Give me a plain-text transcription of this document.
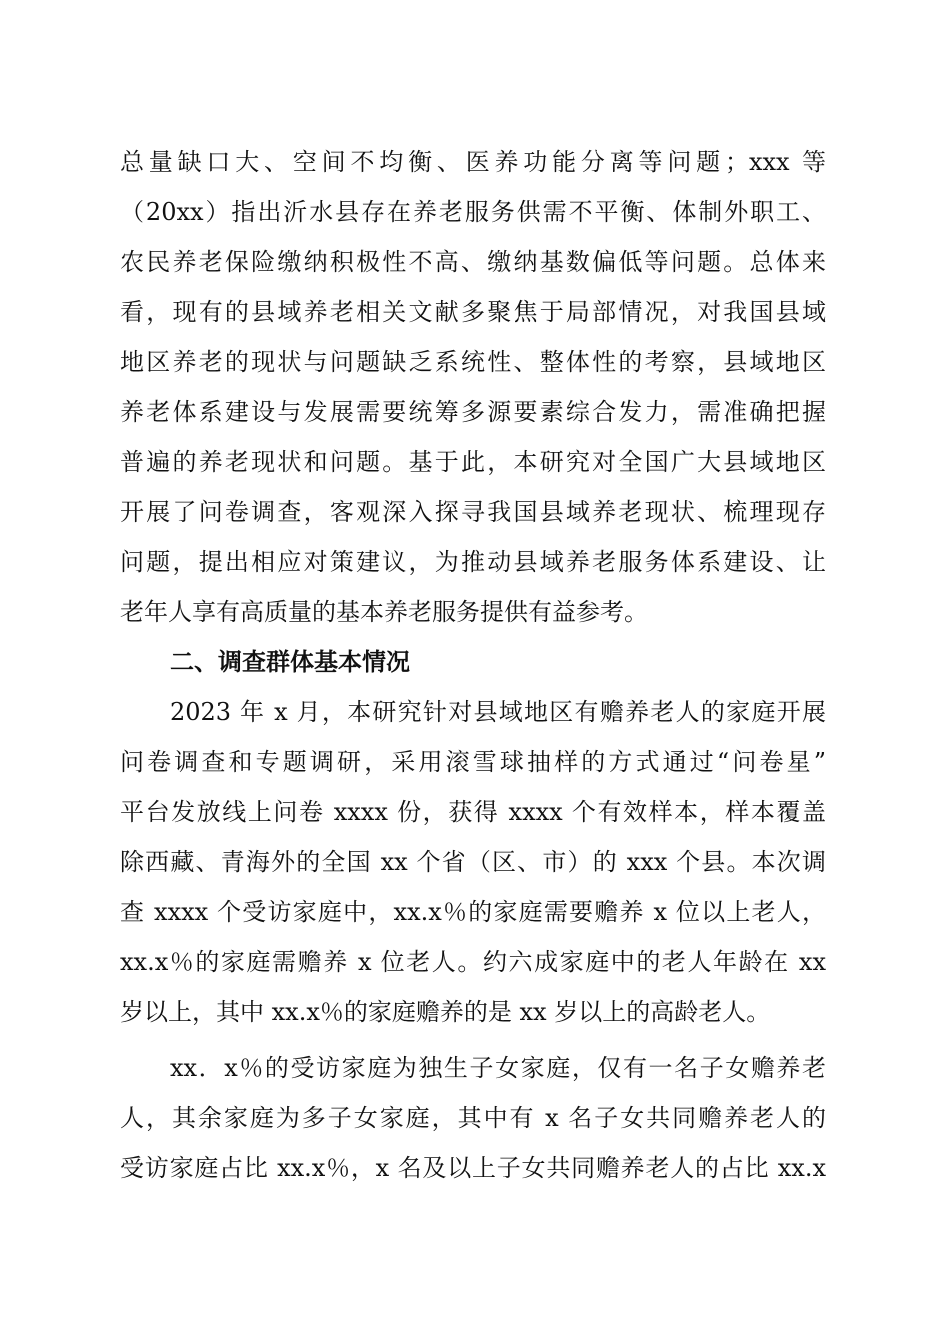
总量缺口大、空间不均衡、医养功能分离等问题；xxx 等
（20xx）指出沂水县存在养老服务供需不平衡、体制外职工、
农民养老保险缴纳积极性不高、缴纳基数偏低等问题。总体来
看，现有的县域养老相关文献多聚焦于局部情况，对我国县域
地区养老的现状与问题缺乏系统性、整体性的考察，县域地区
养老体系建设与发展需要统筹多源要素综合发力，需准确把握
普遍的养老现状和问题。基于此，本研究对全国广大县域地区
开展了问卷调查，客观深入探寻我国县域养老现状、梳理现存
问题，提出相应对策建议，为推动县域养老服务体系建设、让
老年人享有高质量的基本养老服务提供有益参考。
二、调查群体基本情况
2023 年 x 月，本研究针对县域地区有赡养老人的家庭开展
问卷调查和专题调研，采用滚雪球抽样的方式通过“问卷星”
平台发放线上问卷 xxxx 份，获得 xxxx 个有效样本，样本覆盖
除西藏、青海外的全国 xx 个省（区、市）的 xxx 个县。本次调
查 xxxx 个受访家庭中，xx.x％的家庭需要赡养 x 位以上老人，
xx.x％的家庭需赡养 x 位老人。约六成家庭中的老人年龄在 xx
岁以上，其中 xx.x％的家庭赡养的是 xx 岁以上的高龄老人。
xx．x％的受访家庭为独生子女家庭，仅有一名子女赡养老
人，其余家庭为多子女家庭，其中有 x 名子女共同赡养老人的
受访家庭占比 xx.x％，x 名及以上子女共同赡养老人的占比 xx.x
